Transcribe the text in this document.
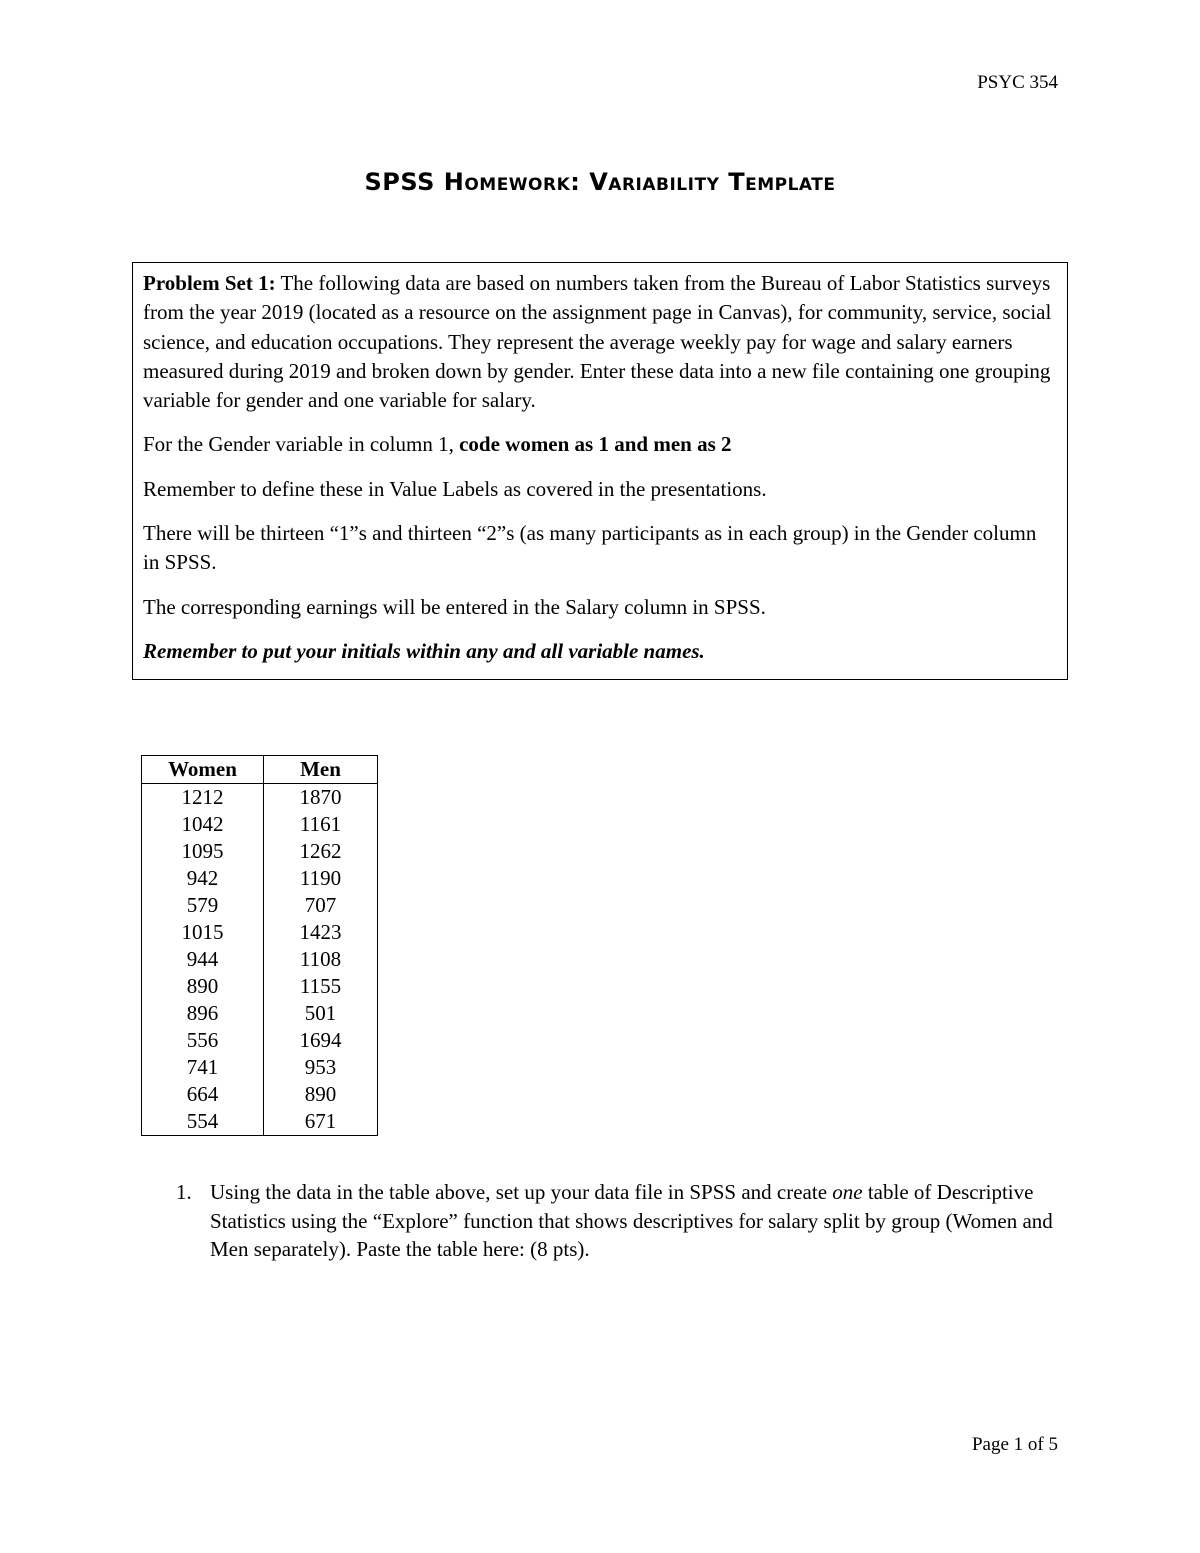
PSYC 354
SPSS Homework: Variability Template

Problem Set 1: The following data are based on numbers taken from the Bureau of Labor Statistics surveys from the year 2019 (located as a resource on the assignment page in Canvas), for community, service, social science, and education occupations. They represent the average weekly pay for wage and salary earners measured during 2019 and broken down by gender. Enter these data into a new file containing one grouping variable for gender and one variable for salary.

For the Gender variable in column 1, code women as 1 and men as 2

Remember to define these in Value Labels as covered in the presentations.

There will be thirteen “1”s and thirteen “2”s (as many participants as in each group) in the Gender column in SPSS.

The corresponding earnings will be entered in the Salary column in SPSS.

Remember to put your initials within any and all variable names.

Women	Men
1212	1870
1042	1161
1095	1262
942	1190
579	707
1015	1423
944	1108
890	1155
896	501
556	1694
741	953
664	890
554	671
1. Using the data in the table above, set up your data file in SPSS and create one table of Descriptive Statistics using the “Explore” function that shows descriptives for salary split by group (Women and Men separately). Paste the table here: (8 pts).
Page 1 of 5
